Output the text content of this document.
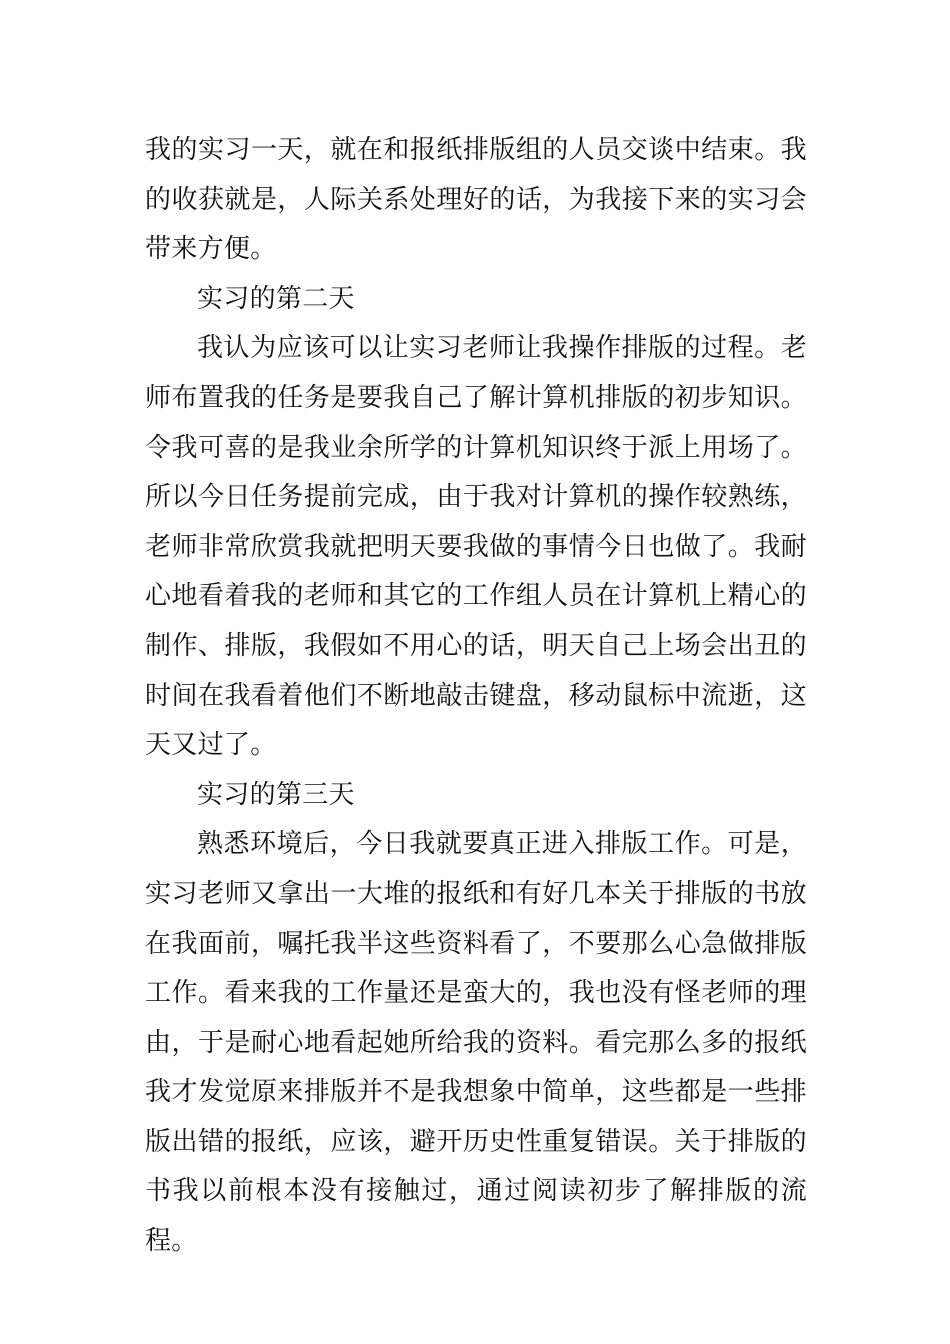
我的实习一天，就在和报纸排版组的人员交谈中结束。我的收获就是，人际关系处理好的话，为我接下来的实习会带来方便。

实习的第二天

我认为应该可以让实习老师让我操作排版的过程。老师布置我的任务是要我自己了解计算机排版的初步知识。令我可喜的是我业余所学的计算机知识终于派上用场了。所以今日任务提前完成，由于我对计算机的操作较熟练，老师非常欣赏我就把明天要我做的事情今日也做了。我耐心地看着我的老师和其它的工作组人员在计算机上精心的制作、排版，我假如不用心的话，明天自己上场会出丑的时间在我看着他们不断地敲击键盘，移动鼠标中流逝，这天又过了。

实习的第三天

熟悉环境后，今日我就要真正进入排版工作。可是，实习老师又拿出一大堆的报纸和有好几本关于排版的书放在我面前，嘱托我半这些资料看了，不要那么心急做排版工作。看来我的工作量还是蛮大的，我也没有怪老师的理由，于是耐心地看起她所给我的资料。看完那么多的报纸我才发觉原来排版并不是我想象中简单，这些都是一些排版出错的报纸，应该，避开历史性重复错误。关于排版的书我以前根本没有接触过，通过阅读初步了解排版的流程。
